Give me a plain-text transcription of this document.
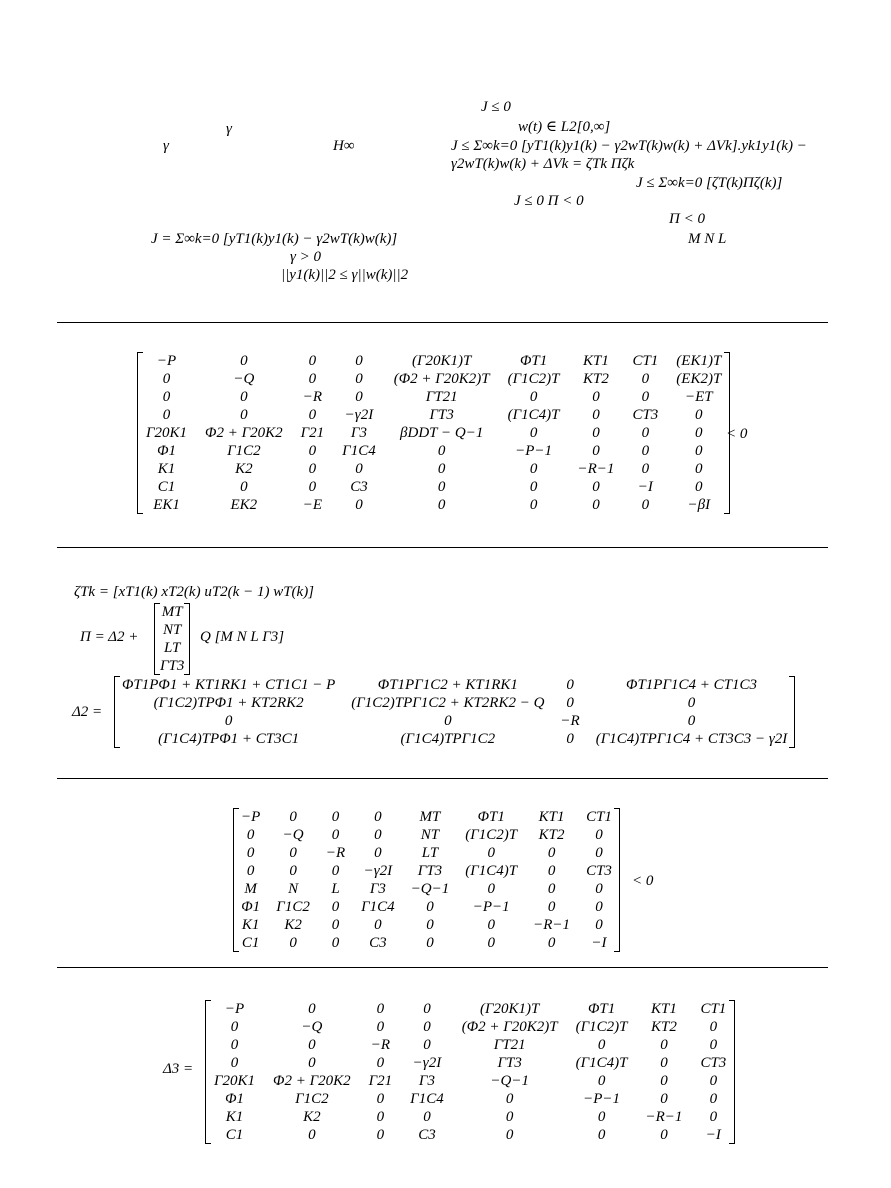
γ
γ	H∞
J = Σ∞k=0 [yT1(k)y1(k) − γ2wT(k)w(k)]
γ > 0
||y1(k)||2 ≤ γ||w(k)||2
J ≤ 0
w(t) ∈ L2[0,∞]
J ≤ Σ∞k=0 [yT1(k)y1(k) − γ2wT(k)w(k) + ΔVk].yk1y1(k) −
γ2wT(k)w(k) + ΔVk = ζTk Πζk
J ≤ Σ∞k=0 [ζT(k)Πζ(k)]
J ≤ 0 Π < 0
Π < 0
M N L
−P	0	0	0	(Γ20K1)T	ΦT1	KT1	CT1	(EK1)T
0	−Q	0	0	(Φ2 + Γ20K2)T	(Γ1C2)T	KT2	0	(EK2)T
0	0	−R	0	ΓT21	0	0	0	−ET
0	0	0	−γ2I	ΓT3	(Γ1C4)T	0	CT3	0
Γ20K1	Φ2 + Γ20K2	Γ21	Γ3	βDDT − Q−1	0	0	0	0
Φ1	Γ1C2	0	Γ1C4	0	−P−1	0	0	0
K1	K2	0	0	0	0	−R−1	0	0
C1	0	0	C3	0	0	0	−I	0
EK1	EK2	−E	0	0	0	0	0	−βI
< 0
ζTk = [xT1(k) xT2(k) uT2(k − 1) wT(k)]
Π = Δ2 +
MT
NT
LT
ΓT3
Q [M N L Γ3]
Δ2 =
ΦT1PΦ1 + KT1RK1 + CT1C1 − P	ΦT1PΓ1C2 + KT1RK1	0	ΦT1PΓ1C4 + CT1C3
(Γ1C2)TPΦ1 + KT2RK2	(Γ1C2)TPΓ1C2 + KT2RK2 − Q	0	0
0	0	−R	0
(Γ1C4)TPΦ1 + CT3C1	(Γ1C4)TPΓ1C2	0	(Γ1C4)TPΓ1C4 + CT3C3 − γ2I
−P	0	0	0	MT	ΦT1	KT1	CT1
0	−Q	0	0	NT	(Γ1C2)T	KT2	0
0	0	−R	0	LT	0	0	0
0	0	0	−γ2I	ΓT3	(Γ1C4)T	0	CT3
M	N	L	Γ3	−Q−1	0	0	0
Φ1	Γ1C2	0	Γ1C4	0	−P−1	0	0
K1	K2	0	0	0	0	−R−1	0
C1	0	0	C3	0	0	0	−I
< 0
Δ3 =
−P	0	0	0	(Γ20K1)T	ΦT1	KT1	CT1
0	−Q	0	0	(Φ2 + Γ20K2)T	(Γ1C2)T	KT2	0
0	0	−R	0	ΓT21	0	0	0
0	0	0	−γ2I	ΓT3	(Γ1C4)T	0	CT3
Γ20K1	Φ2 + Γ20K2	Γ21	Γ3	−Q−1	0	0	0
Φ1	Γ1C2	0	Γ1C4	0	−P−1	0	0
K1	K2	0	0	0	0	−R−1	0
C1	0	0	C3	0	0	0	−I
